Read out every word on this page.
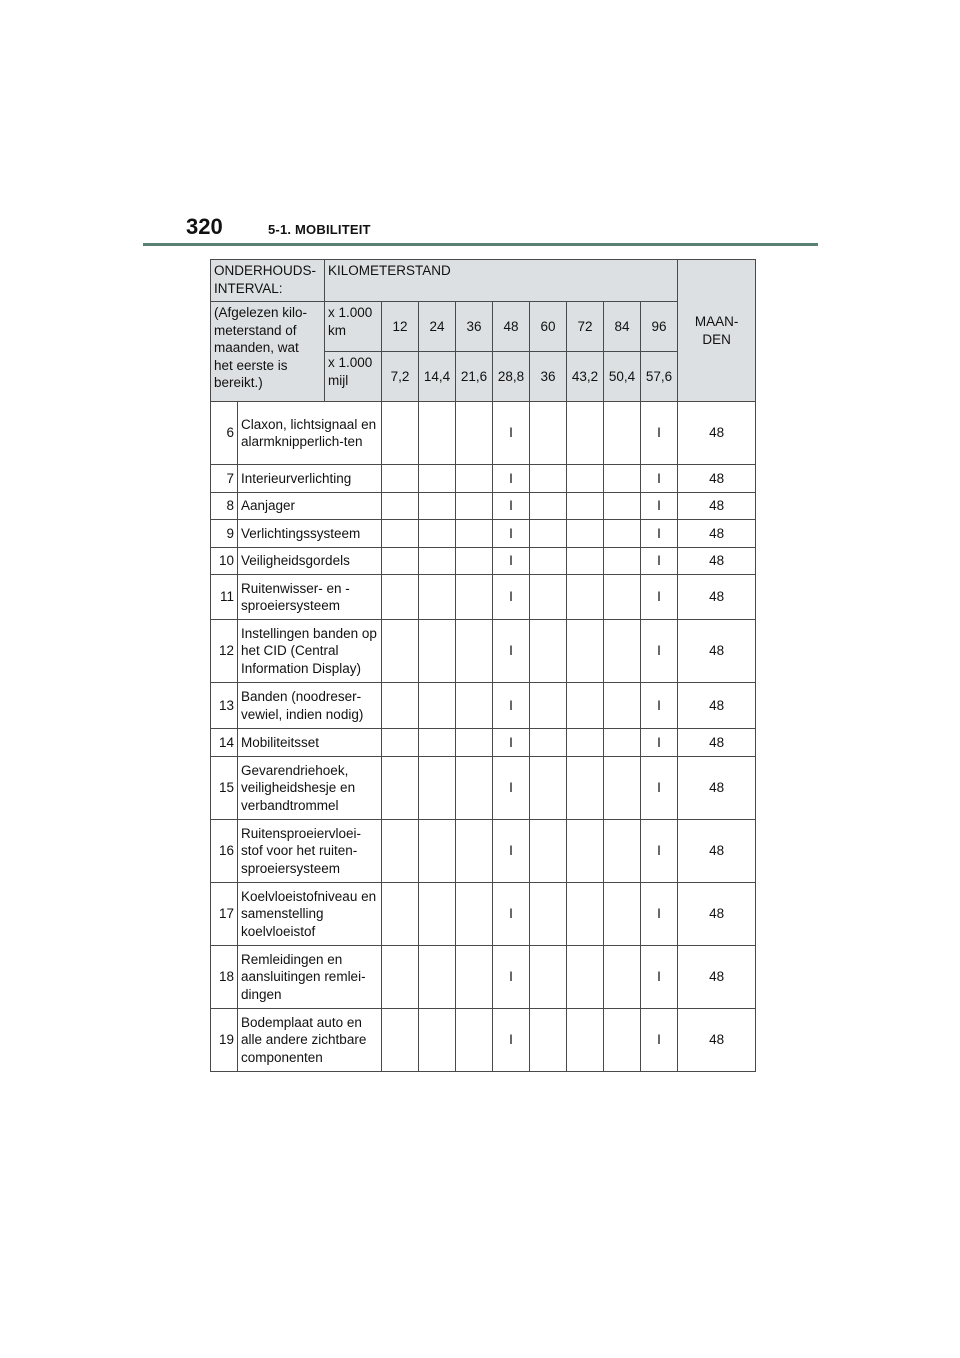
320	5-1. MOBILITEIT
ONDERHOUDS-INTERVAL:		KILOMETERSTAND									MAAN-DEN
(Afgelezen kilo-meterstand of maanden, wat het eerste is bereikt.)		x 1.000 km	12	24	36	48	60	72	84	96	
		x 1.000 mijl	7,2	14,4	21,6	28,8	36	43,2	50,4	57,6	
6	Claxon, lichtsignaal en alarmknipperlich-ten					I				I	48
7	Interieurverlichting					I				I	48
8	Aanjager					I				I	48
9	Verlichtingssysteem					I				I	48
10	Veiligheidsgordels					I				I	48
11	Ruitenwisser- en -sproeiersysteem					I				I	48
12	Instellingen banden op het CID (Central Information Display)					I				I	48
13	Banden (noodreser-vewiel, indien nodig)					I				I	48
14	Mobiliteitsset					I				I	48
15	Gevarendriehoek, veiligheidshesje en verbandtrommel					I				I	48
16	Ruitensproeiervloei-stof voor het ruiten-sproeiersysteem					I				I	48
17	Koelvloeistofniveau en samenstelling koelvloeistof					I				I	48
18	Remleidingen en aansluitingen remlei-dingen					I				I	48
19	Bodemplaat auto en alle andere zichtbare componenten					I				I	48
